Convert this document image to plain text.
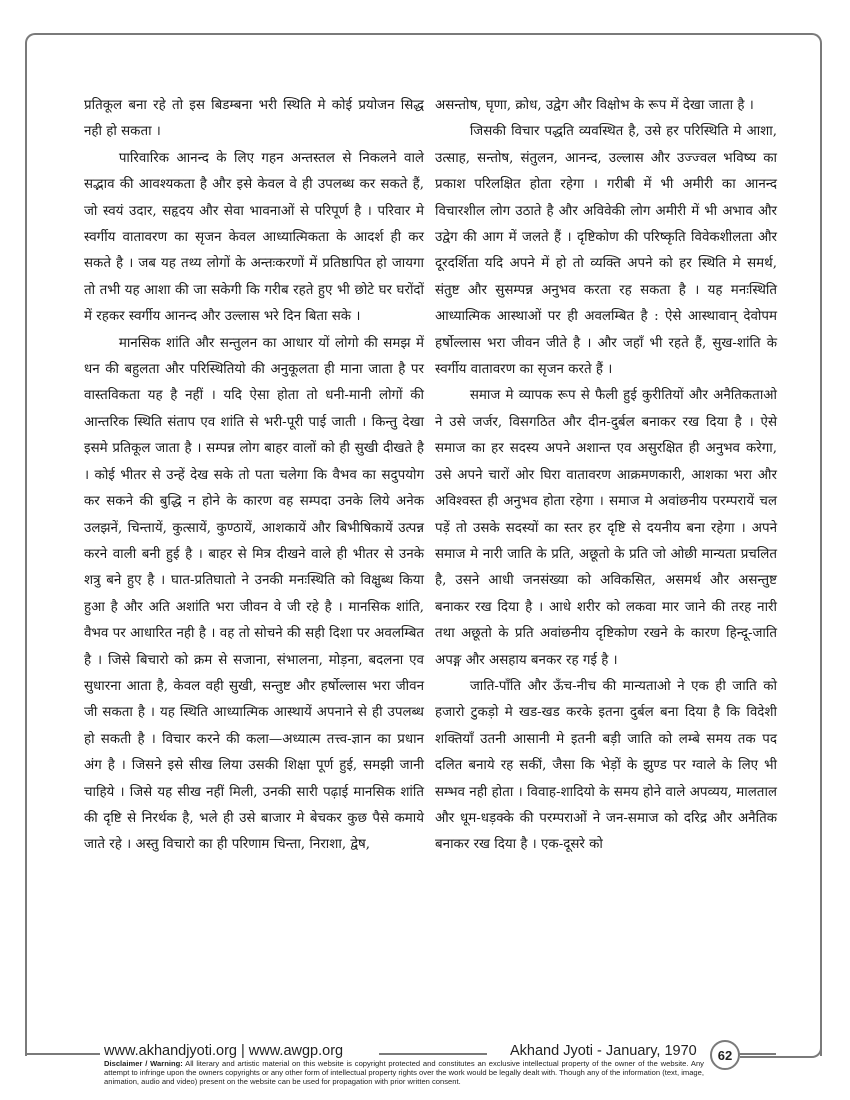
प्रतिकूल बना रहे तो इस बिडम्बना भरी स्थिति मे कोई प्रयोजन सिद्ध नही हो सकता ।

पारिवारिक आनन्द के लिए गहन अन्तस्तल से निकलने वाले सद्भाव की आवश्यकता है और इसे केवल वे ही उपलब्ध कर सकते हैं, जो स्वयं उदार, सहृदय और सेवा भावनाओं से परिपूर्ण है । परिवार मे स्वर्गीय वातावरण का सृजन केवल आध्यात्मिकता के आदर्श ही कर सकते है । जब यह तथ्य लोगों के अन्तःकरणों में प्रतिष्ठापित हो जायगा तो तभी यह आशा की जा सकेगी कि गरीब रहते हुए भी छोटे घर घरोंदों में रहकर स्वर्गीय आनन्द और उल्लास भरे दिन बिता सके ।

मानसिक शांति और सन्तुलन का आधार यों लोगो की समझ में धन की बहुलता और परिस्थितियो की अनुकूलता ही माना जाता है पर वास्तविकता यह है नहीं । यदि ऐसा होता तो धनी-मानी लोगों की आन्तरिक स्थिति संताप एव शांति से भरी-पूरी पाई जाती । किन्तु देखा इसमे प्रतिकूल जाता है । सम्पन्न लोग बाहर वालों को ही सुखी दीखते है । कोई भीतर से उन्हें देख सके तो पता चलेगा कि वैभव का सदुपयोग कर सकने की बुद्धि न होने के कारण वह सम्पदा उनके लिये अनेक उलझनें, चिन्तायें, कुत्सायें, कुण्ठायें, आशकायें और बिभीषिकायें उत्पन्न करने वाली बनी हुई है । बाहर से मित्र दीखने वाले ही भीतर से उनके शत्रु बने हुए है । घात-प्रतिघातो ने उनकी मनःस्थिति को विक्षुब्ध किया हुआ है और अति अशांति भरा जीवन वे जी रहे है । मानसिक शांति, वैभव पर आधारित नही है । वह तो सोचने की सही दिशा पर अवलम्बित है । जिसे बिचारो को क्रम से सजाना, संभालना, मोड़ना, बदलना एव सुधारना आता है, केवल वही सुखी, सन्तुष्ट और हर्षोल्लास भरा जीवन जी सकता है । यह स्थिति आध्यात्मिक आस्थायें अपनाने से ही उपलब्ध हो सकती है । विचार करने की कला—अध्यात्म तत्त्व-ज्ञान का प्रधान अंग है । जिसने इसे सीख लिया उसकी शिक्षा पूर्ण हुई, समझी जानी चाहिये । जिसे यह सीख नहीं मिली, उनकी सारी पढ़ाई मानसिक शांति की दृष्टि से निरर्थक है, भले ही उसे बाजार मे बेचकर कुछ पैसे कमाये जाते रहे । अस्तु विचारो का ही परिणाम चिन्ता, निराशा, द्वेष,

असन्तोष, घृणा, क्रोध, उद्वेग और विक्षोभ के रूप में देखा जाता है ।

जिसकी विचार पद्धति व्यवस्थित है, उसे हर परिस्थिति मे आशा, उत्साह, सन्तोष, संतुलन, आनन्द, उल्लास और उज्ज्वल भविष्य का प्रकाश परिलक्षित होता रहेगा । गरीबी में भी अमीरी का आनन्द विचारशील लोग उठाते है और अविवेकी लोग अमीरी में भी अभाव और उद्वेग की आग में जलते हैं । दृष्टिकोण की परिष्कृति विवेकशीलता और दूरदर्शिता यदि अपने में हो तो व्यक्ति अपने को हर स्थिति मे समर्थ, संतुष्ट और सुसम्पन्न अनुभव करता रह सकता है । यह मनःस्थिति आध्यात्मिक आस्थाओं पर ही अवलम्बित है : ऐसे आस्थावान् देवोपम हर्षोल्लास भरा जीवन जीते है । और जहाँ भी रहते हैं, सुख-शांति के स्वर्गीय वातावरण का सृजन करते हैं ।

समाज मे व्यापक रूप से फैली हुई कुरीतियों और अनैतिकताओ ने उसे जर्जर, विसगठित और दीन-दुर्बल बनाकर रख दिया है । ऐसे समाज का हर सदस्य अपने अशान्त एव असुरक्षित ही अनुभव करेगा, उसे अपने चारों ओर घिरा वातावरण आक्रमणकारी, आशका भरा और अविश्वस्त ही अनुभव होता रहेगा । समाज मे अवांछनीय परम्परायें चल पड़ें तो उसके सदस्यों का स्तर हर दृष्टि से दयनीय बना रहेगा । अपने समाज मे नारी जाति के प्रति, अछूतो के प्रति जो ओछी मान्यता प्रचलित है, उसने आधी जनसंख्या को अविकसित, असमर्थ और असन्तुष्ट बनाकर रख दिया है । आधे शरीर को लकवा मार जाने की तरह नारी तथा अछूतो के प्रति अवांछनीय दृष्टिकोण रखने के कारण हिन्दू-जाति अपङ्ग और असहाय बनकर रह गई है ।

जाति-पाँति और ऊँच-नीच की मान्यताओ ने एक ही जाति को हजारो टुकड़ो मे खड-खड करके इतना दुर्बल बना दिया है कि विदेशी शक्तियाँ उतनी आसानी मे इतनी बड़ी जाति को लम्बे समय तक पद दलित बनाये रह सकीं, जैसा कि भेड़ों के झुण्ड पर ग्वाले के लिए भी सम्भव नही होता । विवाह-शादियो के समय होने वाले अपव्यय, मालताल और धूम-धड़क्के की परम्पराओं ने जन-समाज को दरिद्र और अनैतिक बनाकर रख दिया है । एक-दूसरे को

www.akhandjyoti.org | www.awgp.org	Akhand Jyoti - January, 1970 62
Disclaimer / Warning: All literary and artistic material on this website is copyright protected and constitutes an exclusive intellectual property of the owner of the website. Any attempt to infringe upon the owners copyrights or any other form of intellectual property rights over the work would be legally dealt with. Though any of the information (text, image, animation, audio and video) present on the website can be used for propagation with prior written consent.
